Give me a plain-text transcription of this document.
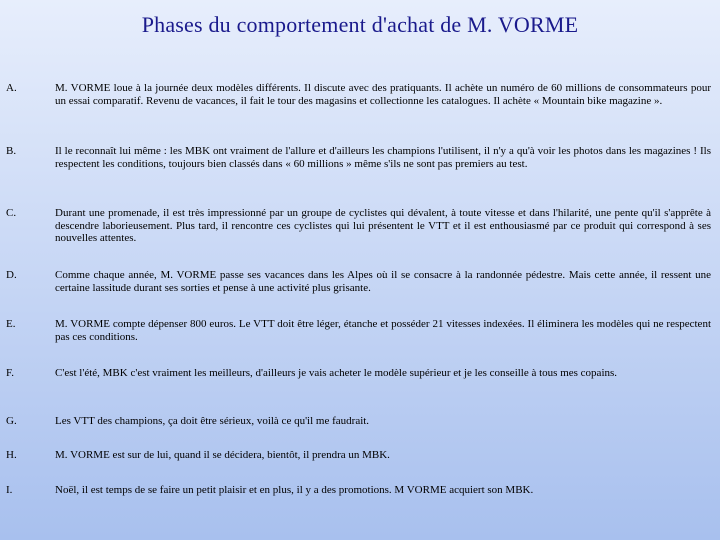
Phases du comportement d'achat de M. VORME
A.	M. VORME loue à la journée deux modèles différents. Il discute avec des pratiquants. Il achète un numéro de 60 millions de consommateurs pour un essai comparatif. Revenu de vacances, il fait le tour des magasins et collectionne les catalogues. Il achète « Mountain bike magazine ».
B.	Il le reconnaît lui même : les MBK ont vraiment de l'allure et d'ailleurs les champions l'utilisent, il n'y a qu'à voir les photos dans les magazines ! Ils respectent les conditions, toujours bien classés dans « 60 millions » même s'ils ne sont pas premiers au test.
C.	Durant une promenade, il est très impressionné par un groupe de cyclistes qui dévalent, à toute vitesse et dans l'hilarité, une pente qu'il s'apprête à descendre laborieusement. Plus tard, il rencontre ces cyclistes qui lui présentent le VTT et il est enthousiasmé par ce produit qui correspond à ses nouvelles attentes.
D.	Comme chaque année, M. VORME passe ses vacances dans les Alpes où il se consacre à la randonnée pédestre. Mais cette année, il ressent une certaine lassitude durant ses sorties et pense à une activité plus grisante.
E.	M. VORME compte dépenser 800 euros. Le VTT doit être léger, étanche et posséder 21 vitesses indexées. Il éliminera les modèles qui ne respectent pas ces conditions.
F.	C'est l'été, MBK c'est vraiment les meilleurs, d'ailleurs je vais acheter le modèle supérieur et je les conseille à tous mes copains.
G.	Les VTT des champions, ça doit être sérieux, voilà ce qu'il me faudrait.
H.	M. VORME est sur de lui, quand il se décidera, bientôt, il prendra un MBK.
I.	Noël, il est temps de se faire un petit plaisir et en plus, il y a des promotions. M VORME acquiert son MBK.
